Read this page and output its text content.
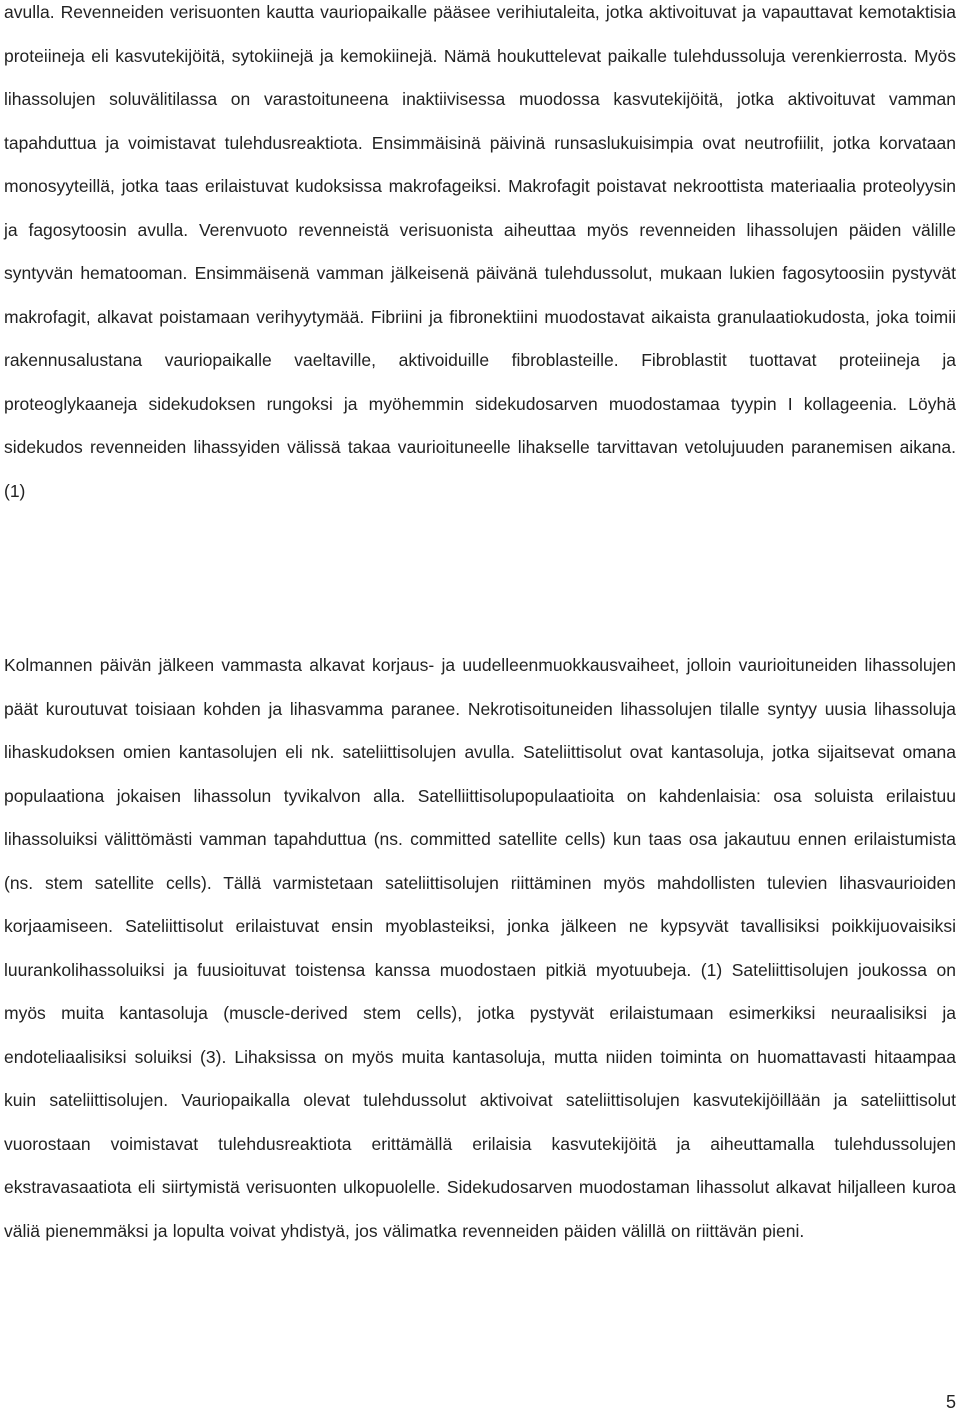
avulla. Revenneiden verisuonten kautta vauriopaikalle pääsee verihiutaleita, jotka aktivoituvat ja vapauttavat kemotaktisia proteiineja eli kasvutekijöitä, sytokiinejä ja kemokiinejä. Nämä houkuttelevat paikalle tulehdussoluja verenkierrosta. Myös lihassolujen soluvälitilassa on varastoituneena inaktiivisessa muodossa kasvutekijöitä, jotka aktivoituvat vamman tapahduttua ja voimistavat tulehdusreaktiota. Ensimmäisinä päivinä runsaslukuisimpia ovat neutrofiilit, jotka korvataan monosyyteillä, jotka taas erilaistuvat kudoksissa makrofageiksi. Makrofagit poistavat nekroottista materiaalia proteolyysin ja fagosytoosin avulla. Verenvuoto revenneistä verisuonista aiheuttaa myös revenneiden lihassolujen päiden välille syntyvän hematooman. Ensimmäisenä vamman jälkeisenä päivänä tulehdussolut, mukaan lukien fagosytoosiin pystyvät makrofagit, alkavat poistamaan verihyytymää. Fibriini ja fibronektiini muodostavat aikaista granulaatiokudosta, joka toimii rakennusalustana vauriopaikalle vaeltaville, aktivoiduille fibroblasteille. Fibroblastit tuottavat proteiineja ja proteoglykaaneja sidekudoksen rungoksi ja myöhemmin sidekudosarven muodostamaa tyypin I kollageenia. Löyhä sidekudos revenneiden lihassyiden välissä takaa vaurioituneelle lihakselle tarvittavan vetolujuuden paranemisen aikana. (1)

Kolmannen päivän jälkeen vammasta alkavat korjaus- ja uudelleenmuokkausvaiheet, jolloin vaurioituneiden lihassolujen päät kuroutuvat toisiaan kohden ja lihasvamma paranee. Nekrotisoituneiden lihassolujen tilalle syntyy uusia lihassoluja lihaskudoksen omien kantasolujen eli nk. sateliittisolujen avulla. Sateliittisolut ovat kantasoluja, jotka sijaitsevat omana populaationa jokaisen lihassolun tyvikalvon alla. Satelliittisolupopulaatioita on kahdenlaisia: osa soluista erilaistuu lihassoluiksi välittömästi vamman tapahduttua (ns. committed satellite cells) kun taas osa jakautuu ennen erilaistumista (ns. stem satellite cells). Tällä varmistetaan sateliittisolujen riittäminen myös mahdollisten tulevien lihasvaurioiden korjaamiseen. Sateliittisolut erilaistuvat ensin myoblasteiksi, jonka jälkeen ne kypsyvät tavallisiksi poikkijuovaisiksi luurankolihassoluiksi ja fuusioituvat toistensa kanssa muodostaen pitkiä myotuubeja. (1) Sateliittisolujen joukossa on myös muita kantasoluja (muscle-derived stem cells), jotka pystyvät erilaistumaan esimerkiksi neuraalisiksi ja endoteliaalisiksi soluiksi (3). Lihaksissa on myös muita kantasoluja, mutta niiden toiminta on huomattavasti hitaampaa kuin sateliittisolujen. Vauriopaikalla olevat tulehdussolut aktivoivat sateliittisolujen kasvutekijöillään ja sateliittisolut vuorostaan voimistavat tulehdusreaktiota erittämällä erilaisia kasvutekijöitä ja aiheuttamalla tulehdussolujen ekstravasaatiota eli siirtymistä verisuonten ulkopuolelle. Sidekudosarven muodostaman lihassolut alkavat hiljalleen kuroa väliä pienemmäksi ja lopulta voivat yhdistyä, jos välimatka revenneiden päiden välillä on riittävän pieni.

5
